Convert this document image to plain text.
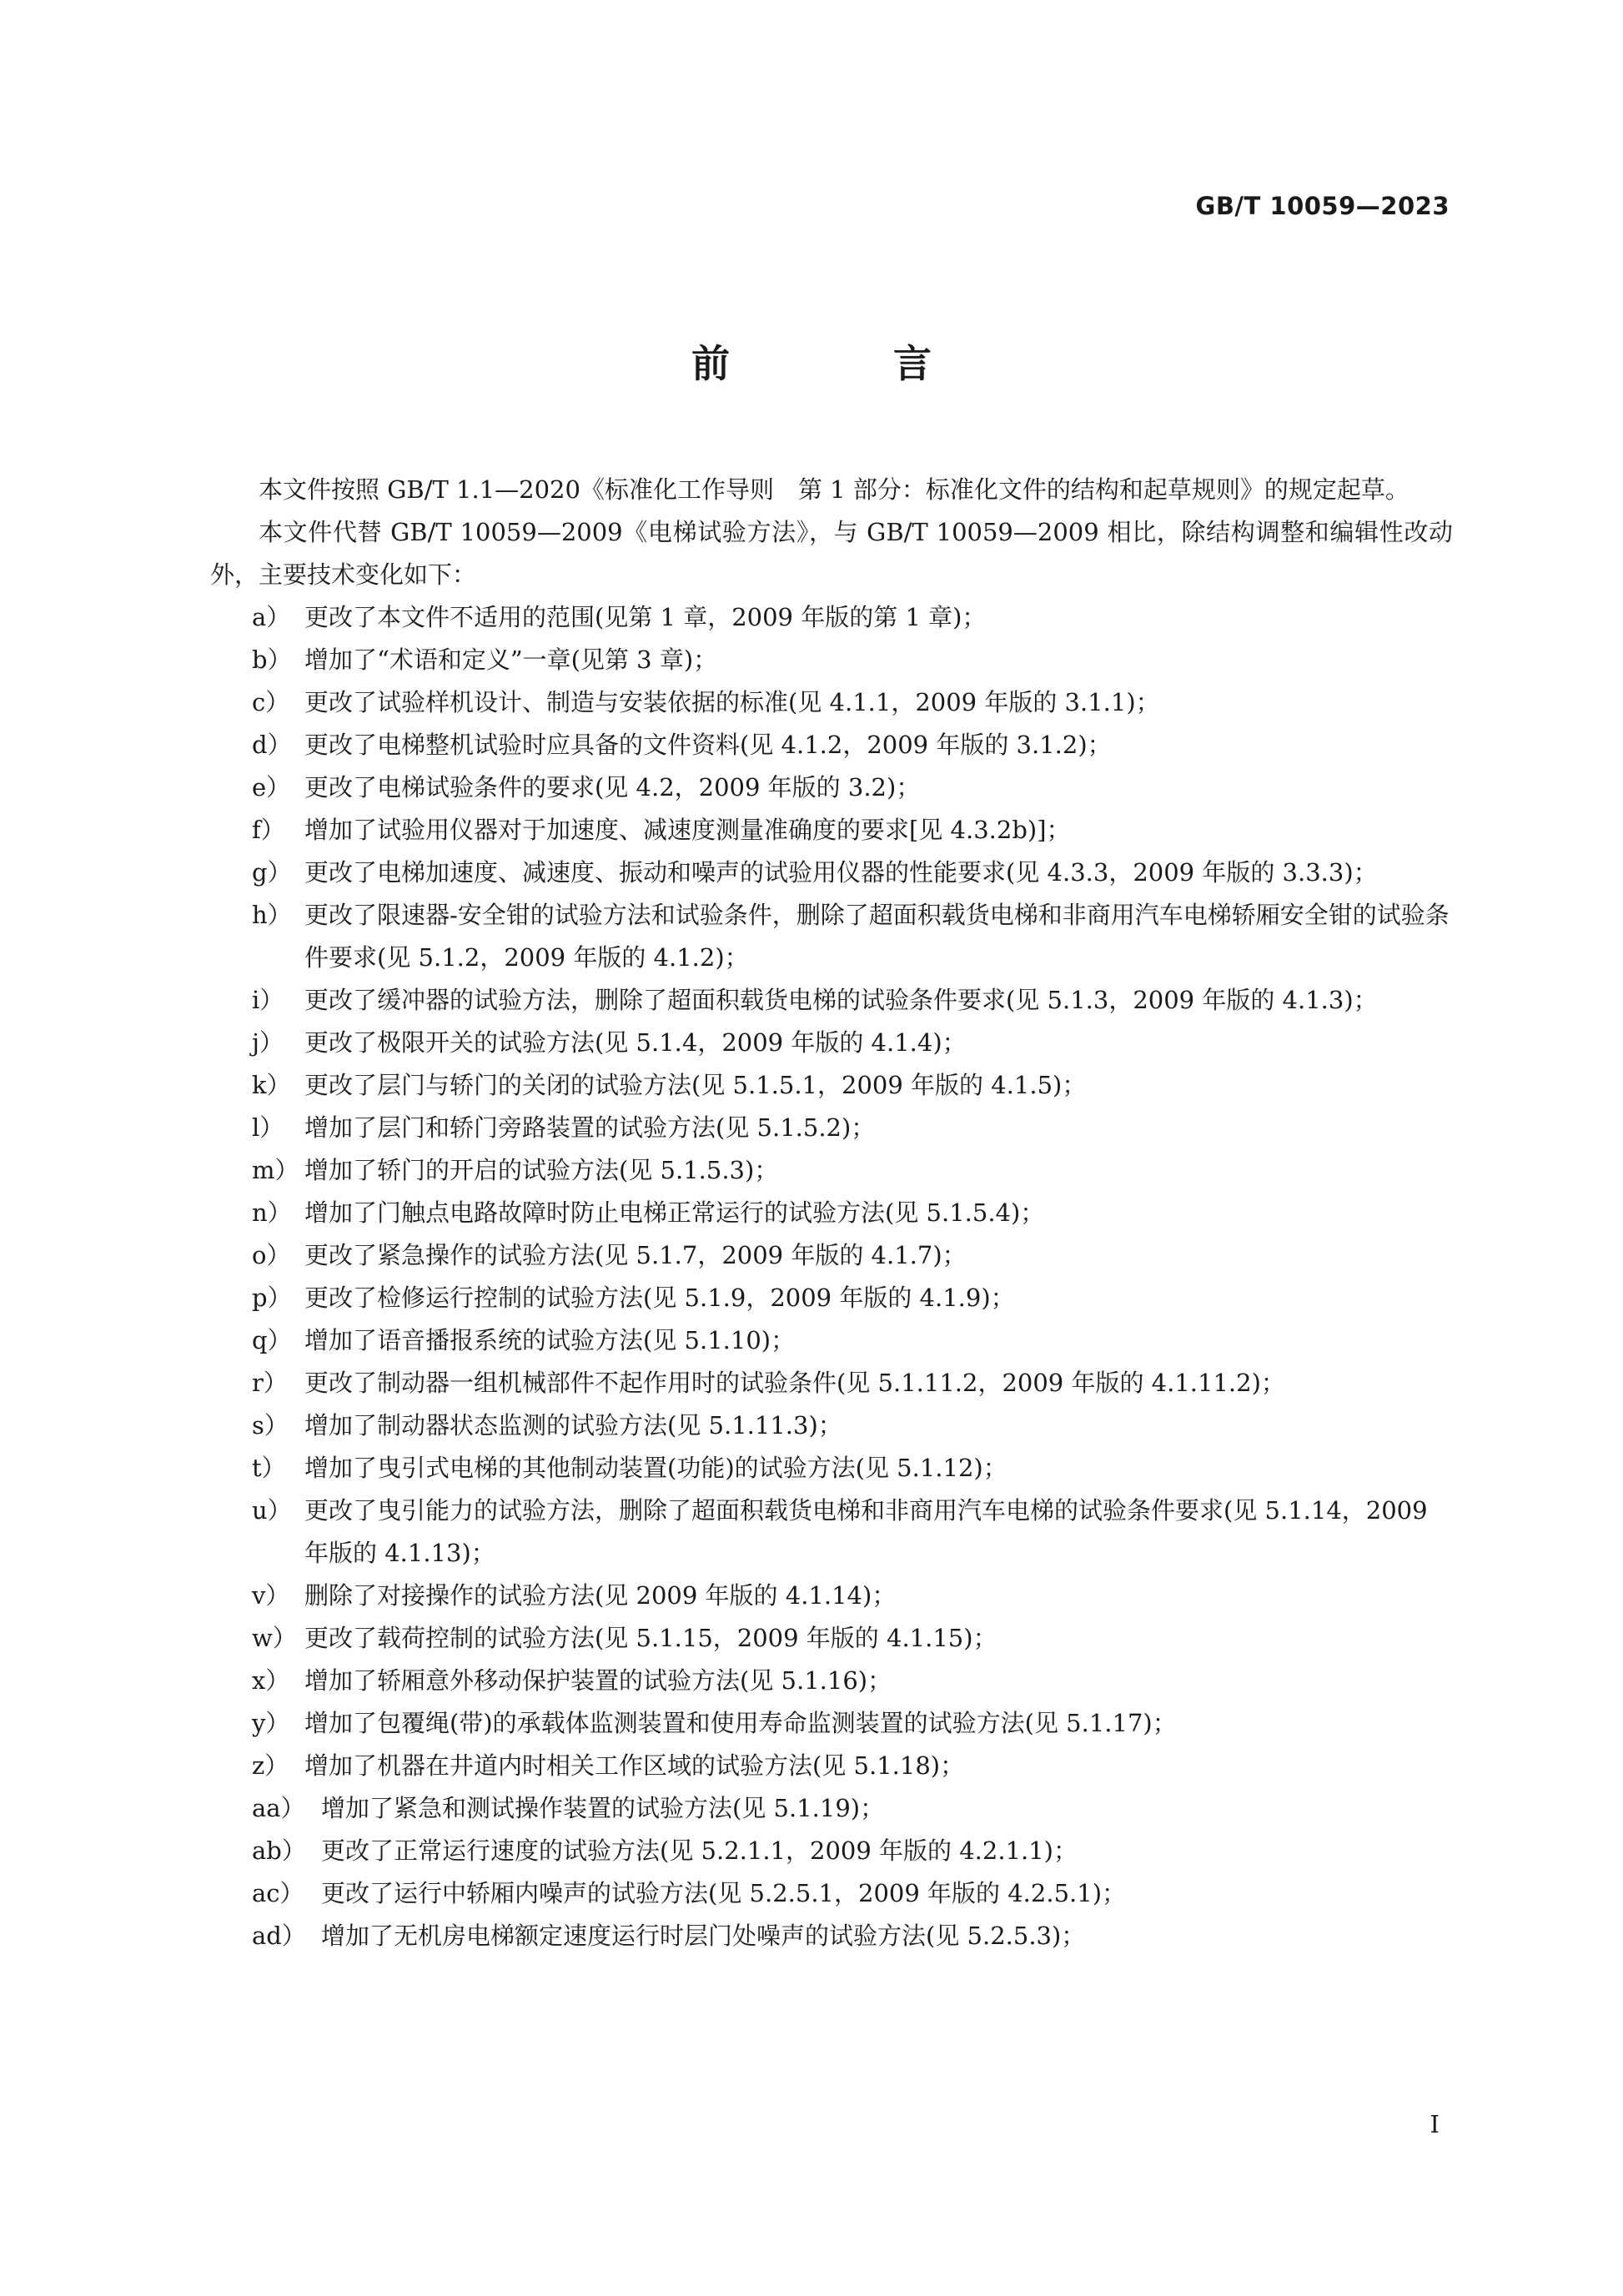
GB/T 10059—2023
前 言

本文件按照 GB/T 1.1—2020《标准化工作导则　第 1 部分：标准化文件的结构和起草规则》的规定起草。

本文件代替 GB/T 10059—2009《电梯试验方法》，与 GB/T 10059—2009 相比，除结构调整和编辑性改动外，主要技术变化如下：

a） 更改了本文件不适用的范围(见第 1 章，2009 年版的第 1 章)；
b） 增加了“术语和定义”一章(见第 3 章)；
c） 更改了试验样机设计、制造与安装依据的标准(见 4.1.1，2009 年版的 3.1.1)；
d） 更改了电梯整机试验时应具备的文件资料(见 4.1.2，2009 年版的 3.1.2)；
e） 更改了电梯试验条件的要求(见 4.2，2009 年版的 3.2)；
f） 增加了试验用仪器对于加速度、减速度测量准确度的要求[见 4.3.2b)]；
g） 更改了电梯加速度、减速度、振动和噪声的试验用仪器的性能要求(见 4.3.3，2009 年版的 3.3.3)；
h） 更改了限速器-安全钳的试验方法和试验条件，删除了超面积载货电梯和非商用汽车电梯轿厢安全钳的试验条件要求(见 5.1.2，2009 年版的 4.1.2)；
i） 更改了缓冲器的试验方法，删除了超面积载货电梯的试验条件要求(见 5.1.3，2009 年版的 4.1.3)；
j） 更改了极限开关的试验方法(见 5.1.4，2009 年版的 4.1.4)；
k） 更改了层门与轿门的关闭的试验方法(见 5.1.5.1，2009 年版的 4.1.5)；
l） 增加了层门和轿门旁路装置的试验方法(见 5.1.5.2)；
m） 增加了轿门的开启的试验方法(见 5.1.5.3)；
n） 增加了门触点电路故障时防止电梯正常运行的试验方法(见 5.1.5.4)；
o） 更改了紧急操作的试验方法(见 5.1.7，2009 年版的 4.1.7)；
p） 更改了检修运行控制的试验方法(见 5.1.9，2009 年版的 4.1.9)；
q） 增加了语音播报系统的试验方法(见 5.1.10)；
r） 更改了制动器一组机械部件不起作用时的试验条件(见 5.1.11.2，2009 年版的 4.1.11.2)；
s） 增加了制动器状态监测的试验方法(见 5.1.11.3)；
t） 增加了曳引式电梯的其他制动装置(功能)的试验方法(见 5.1.12)；
u） 更改了曳引能力的试验方法，删除了超面积载货电梯和非商用汽车电梯的试验条件要求(见 5.1.14，2009 年版的 4.1.13)；
v） 删除了对接操作的试验方法(见 2009 年版的 4.1.14)；
w） 更改了载荷控制的试验方法(见 5.1.15，2009 年版的 4.1.15)；
x） 增加了轿厢意外移动保护装置的试验方法(见 5.1.16)；
y） 增加了包覆绳(带)的承载体监测装置和使用寿命监测装置的试验方法(见 5.1.17)；
z） 增加了机器在井道内时相关工作区域的试验方法(见 5.1.18)；
aa） 增加了紧急和测试操作装置的试验方法(见 5.1.19)；
ab） 更改了正常运行速度的试验方法(见 5.2.1.1，2009 年版的 4.2.1.1)；
ac） 更改了运行中轿厢内噪声的试验方法(见 5.2.5.1，2009 年版的 4.2.5.1)；
ad） 增加了无机房电梯额定速度运行时层门处噪声的试验方法(见 5.2.5.3)；
I
